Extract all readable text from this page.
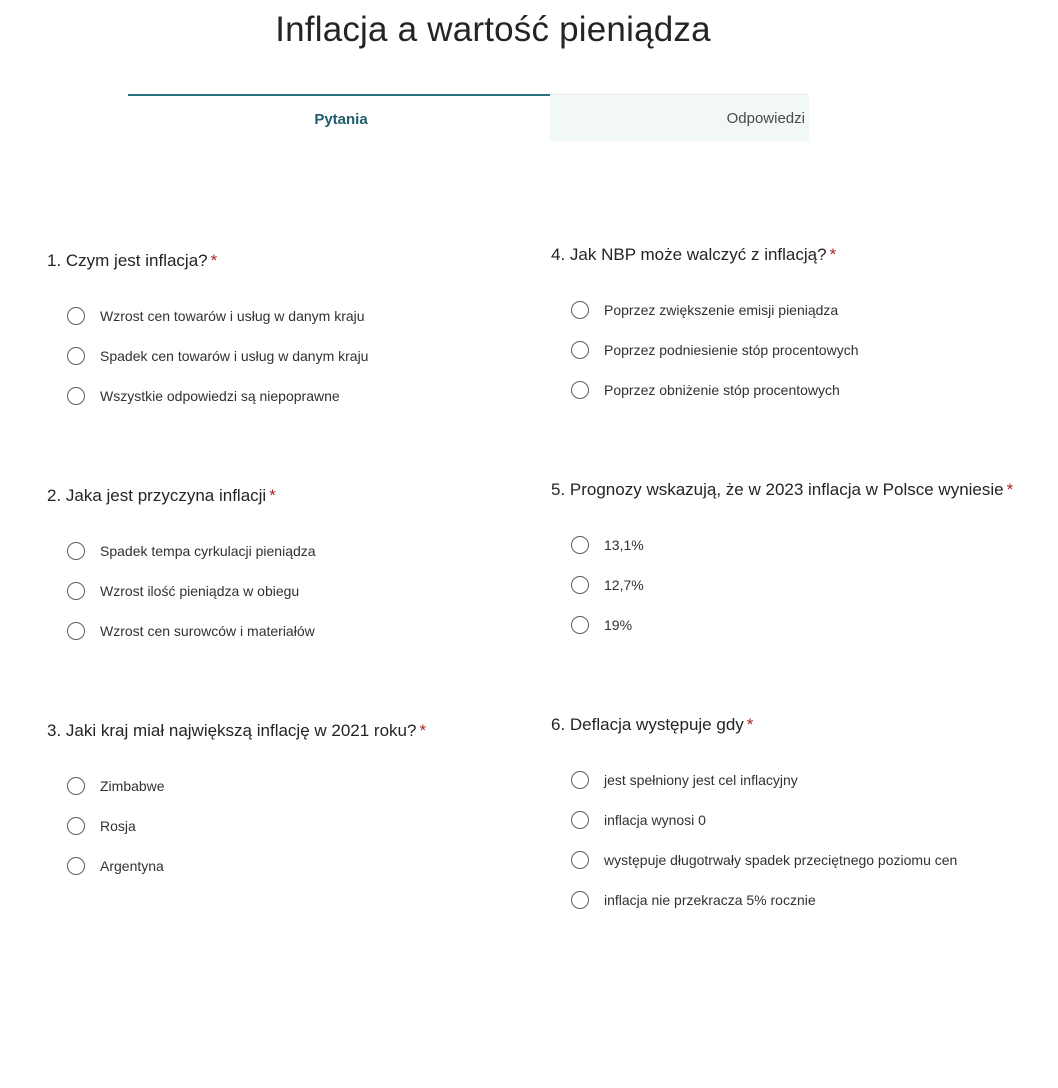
Inflacja a wartość pieniądza
Pytania	Odpowiedzi
1. Czym jest inflacja? *
Wzrost cen towarów i usług w danym kraju
Spadek cen towarów i usług w danym kraju
Wszystkie odpowiedzi są niepoprawne
2. Jaka jest przyczyna inflacji *
Spadek tempa cyrkulacji pieniądza
Wzrost ilość pieniądza w obiegu
Wzrost cen surowców i materiałów
3. Jaki kraj miał największą inflację w 2021 roku? *
Zimbabwe
Rosja
Argentyna
4. Jak NBP może walczyć z inflacją? *
Poprzez zwiększenie emisji pieniądza
Poprzez podniesienie stóp procentowych
Poprzez obniżenie stóp procentowych
5. Prognozy wskazują, że w 2023 inflacja w Polsce wyniesie *
13,1%
12,7%
19%
6. Deflacja występuje gdy *
jest spełniony jest cel inflacyjny
inflacja wynosi 0
występuje długotrwały spadek przeciętnego poziomu cen
inflacja nie przekracza 5% rocznie
